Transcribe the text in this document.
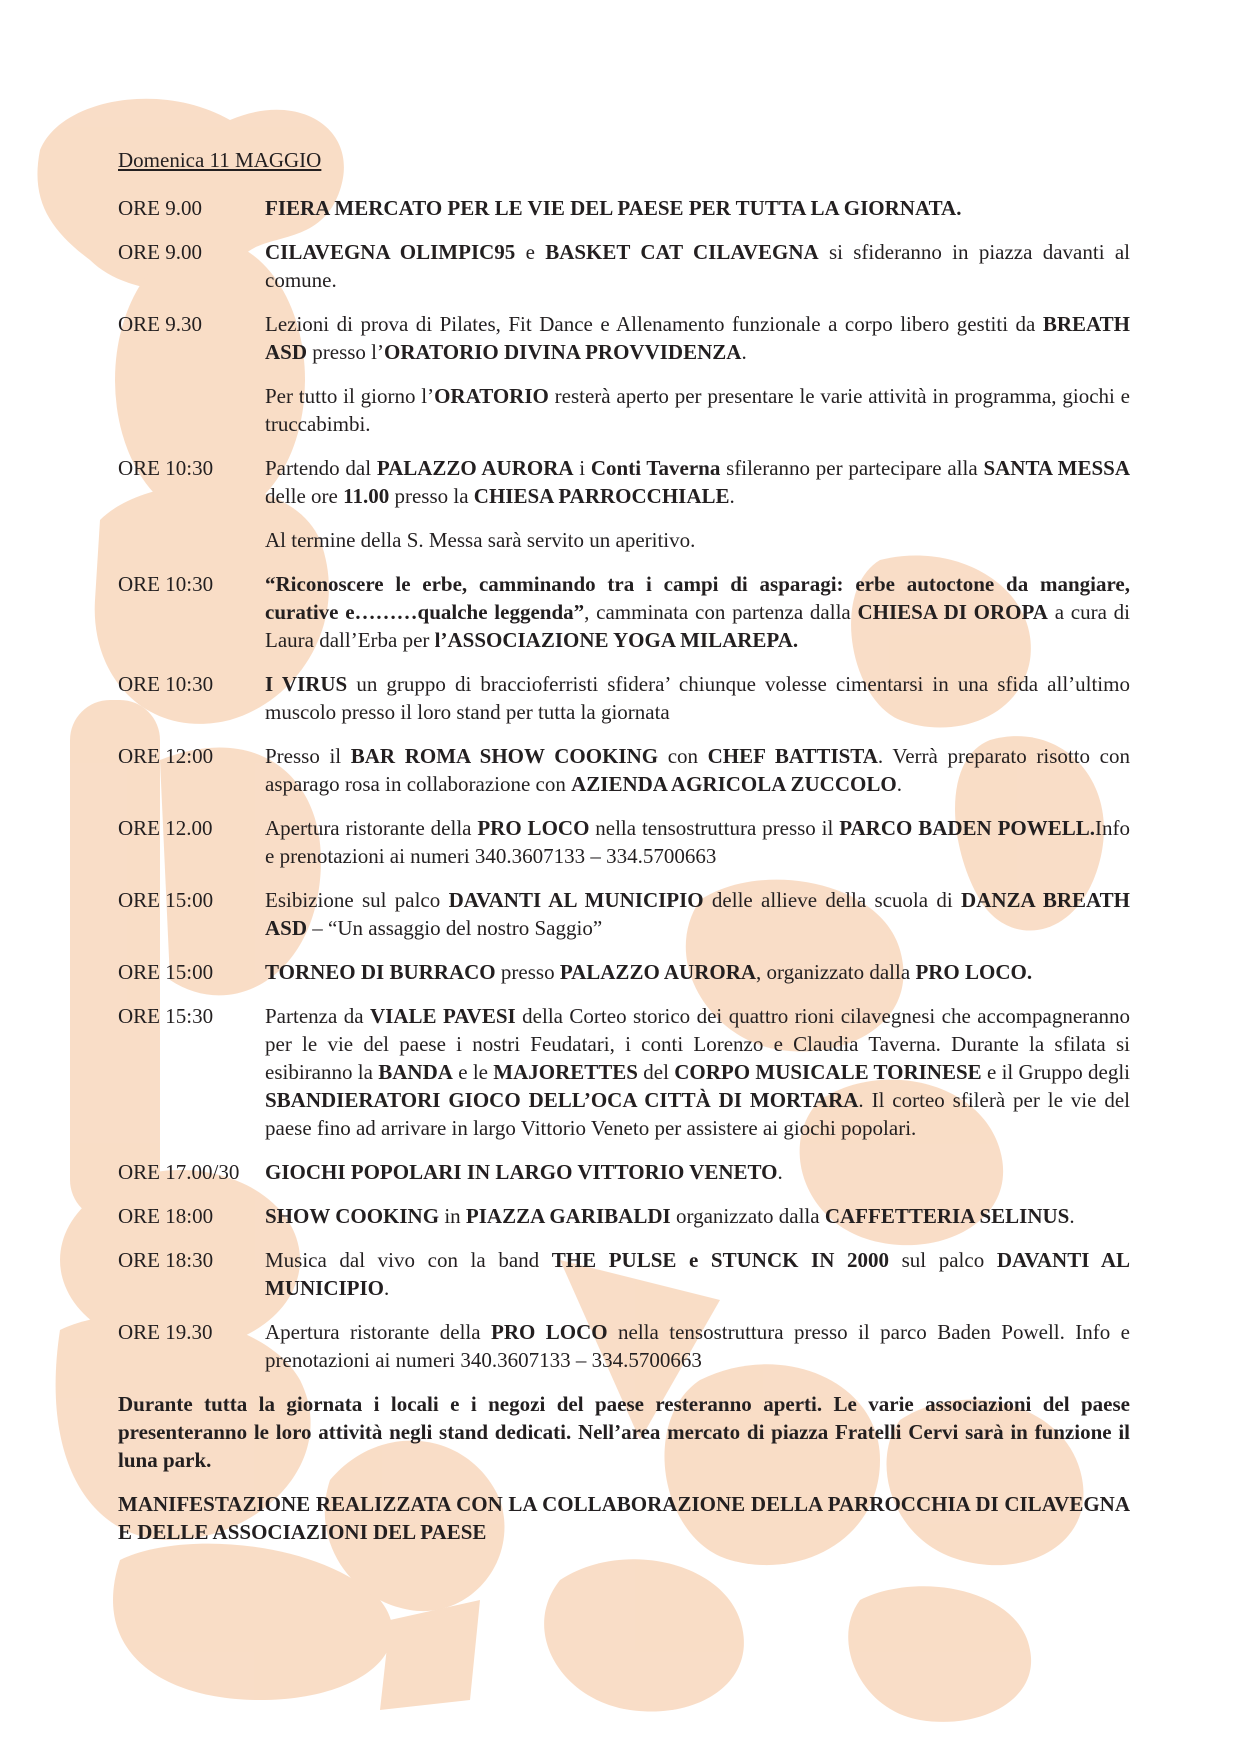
Domenica 11 MAGGIO
ORE 9.00	FIERA MERCATO PER LE VIE DEL PAESE PER TUTTA LA GIORNATA.
ORE 9.00	CILAVEGNA OLIMPIC95 e BASKET CAT CILAVEGNA si sfideranno in piazza davanti al comune.
ORE 9.30	Lezioni di prova di Pilates, Fit Dance e Allenamento funzionale a corpo libero gestiti da BREATH ASD presso l’ORATORIO DIVINA PROVVIDENZA.
Per tutto il giorno l’ORATORIO resterà aperto per presentare le varie attività in programma, giochi e truccabimbi.
ORE 10:30	Partendo dal PALAZZO AURORA i Conti Taverna sfileranno per partecipare alla SANTA MESSA delle ore 11.00 presso la CHIESA PARROCCHIALE.
Al termine della S. Messa sarà servito un aperitivo.
ORE 10:30	“Riconoscere le erbe, camminando tra i campi di asparagi: erbe autoctone da mangiare, curative e………qualche leggenda”, camminata con partenza dalla CHIESA DI OROPA a cura di Laura dall’Erba per l’ASSOCIAZIONE YOGA MILAREPA.
ORE 10:30	I VIRUS un gruppo di braccioferristi sfidera’ chiunque volesse cimentarsi in una sfida all’ultimo muscolo presso il loro stand per tutta la giornata
ORE 12:00	Presso il BAR ROMA SHOW COOKING con CHEF BATTISTA. Verrà preparato risotto con asparago rosa in collaborazione con AZIENDA AGRICOLA ZUCCOLO.
ORE 12.00	Apertura ristorante della PRO LOCO nella tensostruttura presso il PARCO BADEN POWELL.Info e prenotazioni ai numeri 340.3607133 – 334.5700663
ORE 15:00	Esibizione sul palco DAVANTI AL MUNICIPIO delle allieve della scuola di DANZA BREATH ASD – “Un assaggio del nostro Saggio”
ORE 15:00	TORNEO DI BURRACO presso PALAZZO AURORA, organizzato dalla PRO LOCO.
ORE 15:30	Partenza da VIALE PAVESI della Corteo storico dei quattro rioni cilavegnesi che accompagneranno per le vie del paese i nostri Feudatari, i conti Lorenzo e Claudia Taverna. Durante la sfilata si esibiranno la BANDA e le MAJORETTES del CORPO MUSICALE TORINESE e il Gruppo degli SBANDIERATORI GIOCO DELL’OCA CITTÀ DI MORTARA. Il corteo sfilerà per le vie del paese fino ad arrivare in largo Vittorio Veneto per assistere ai giochi popolari.
ORE 17.00/30	GIOCHI POPOLARI IN LARGO VITTORIO VENETO.
ORE 18:00	SHOW COOKING in PIAZZA GARIBALDI organizzato dalla CAFFETTERIA SELINUS.
ORE 18:30	Musica dal vivo con la band THE PULSE e STUNCK IN 2000 sul palco DAVANTI AL MUNICIPIO.
ORE 19.30	Apertura ristorante della PRO LOCO nella tensostruttura presso il parco Baden Powell. Info e prenotazioni ai numeri 340.3607133 – 334.5700663
Durante tutta la giornata i locali e i negozi del paese resteranno aperti. Le varie associazioni del paese presenteranno le loro attività negli stand dedicati. Nell’area mercato di piazza Fratelli Cervi sarà in funzione il luna park.
MANIFESTAZIONE REALIZZATA CON LA COLLABORAZIONE DELLA PARROCCHIA DI CILAVEGNA E DELLE ASSOCIAZIONI DEL PAESE
